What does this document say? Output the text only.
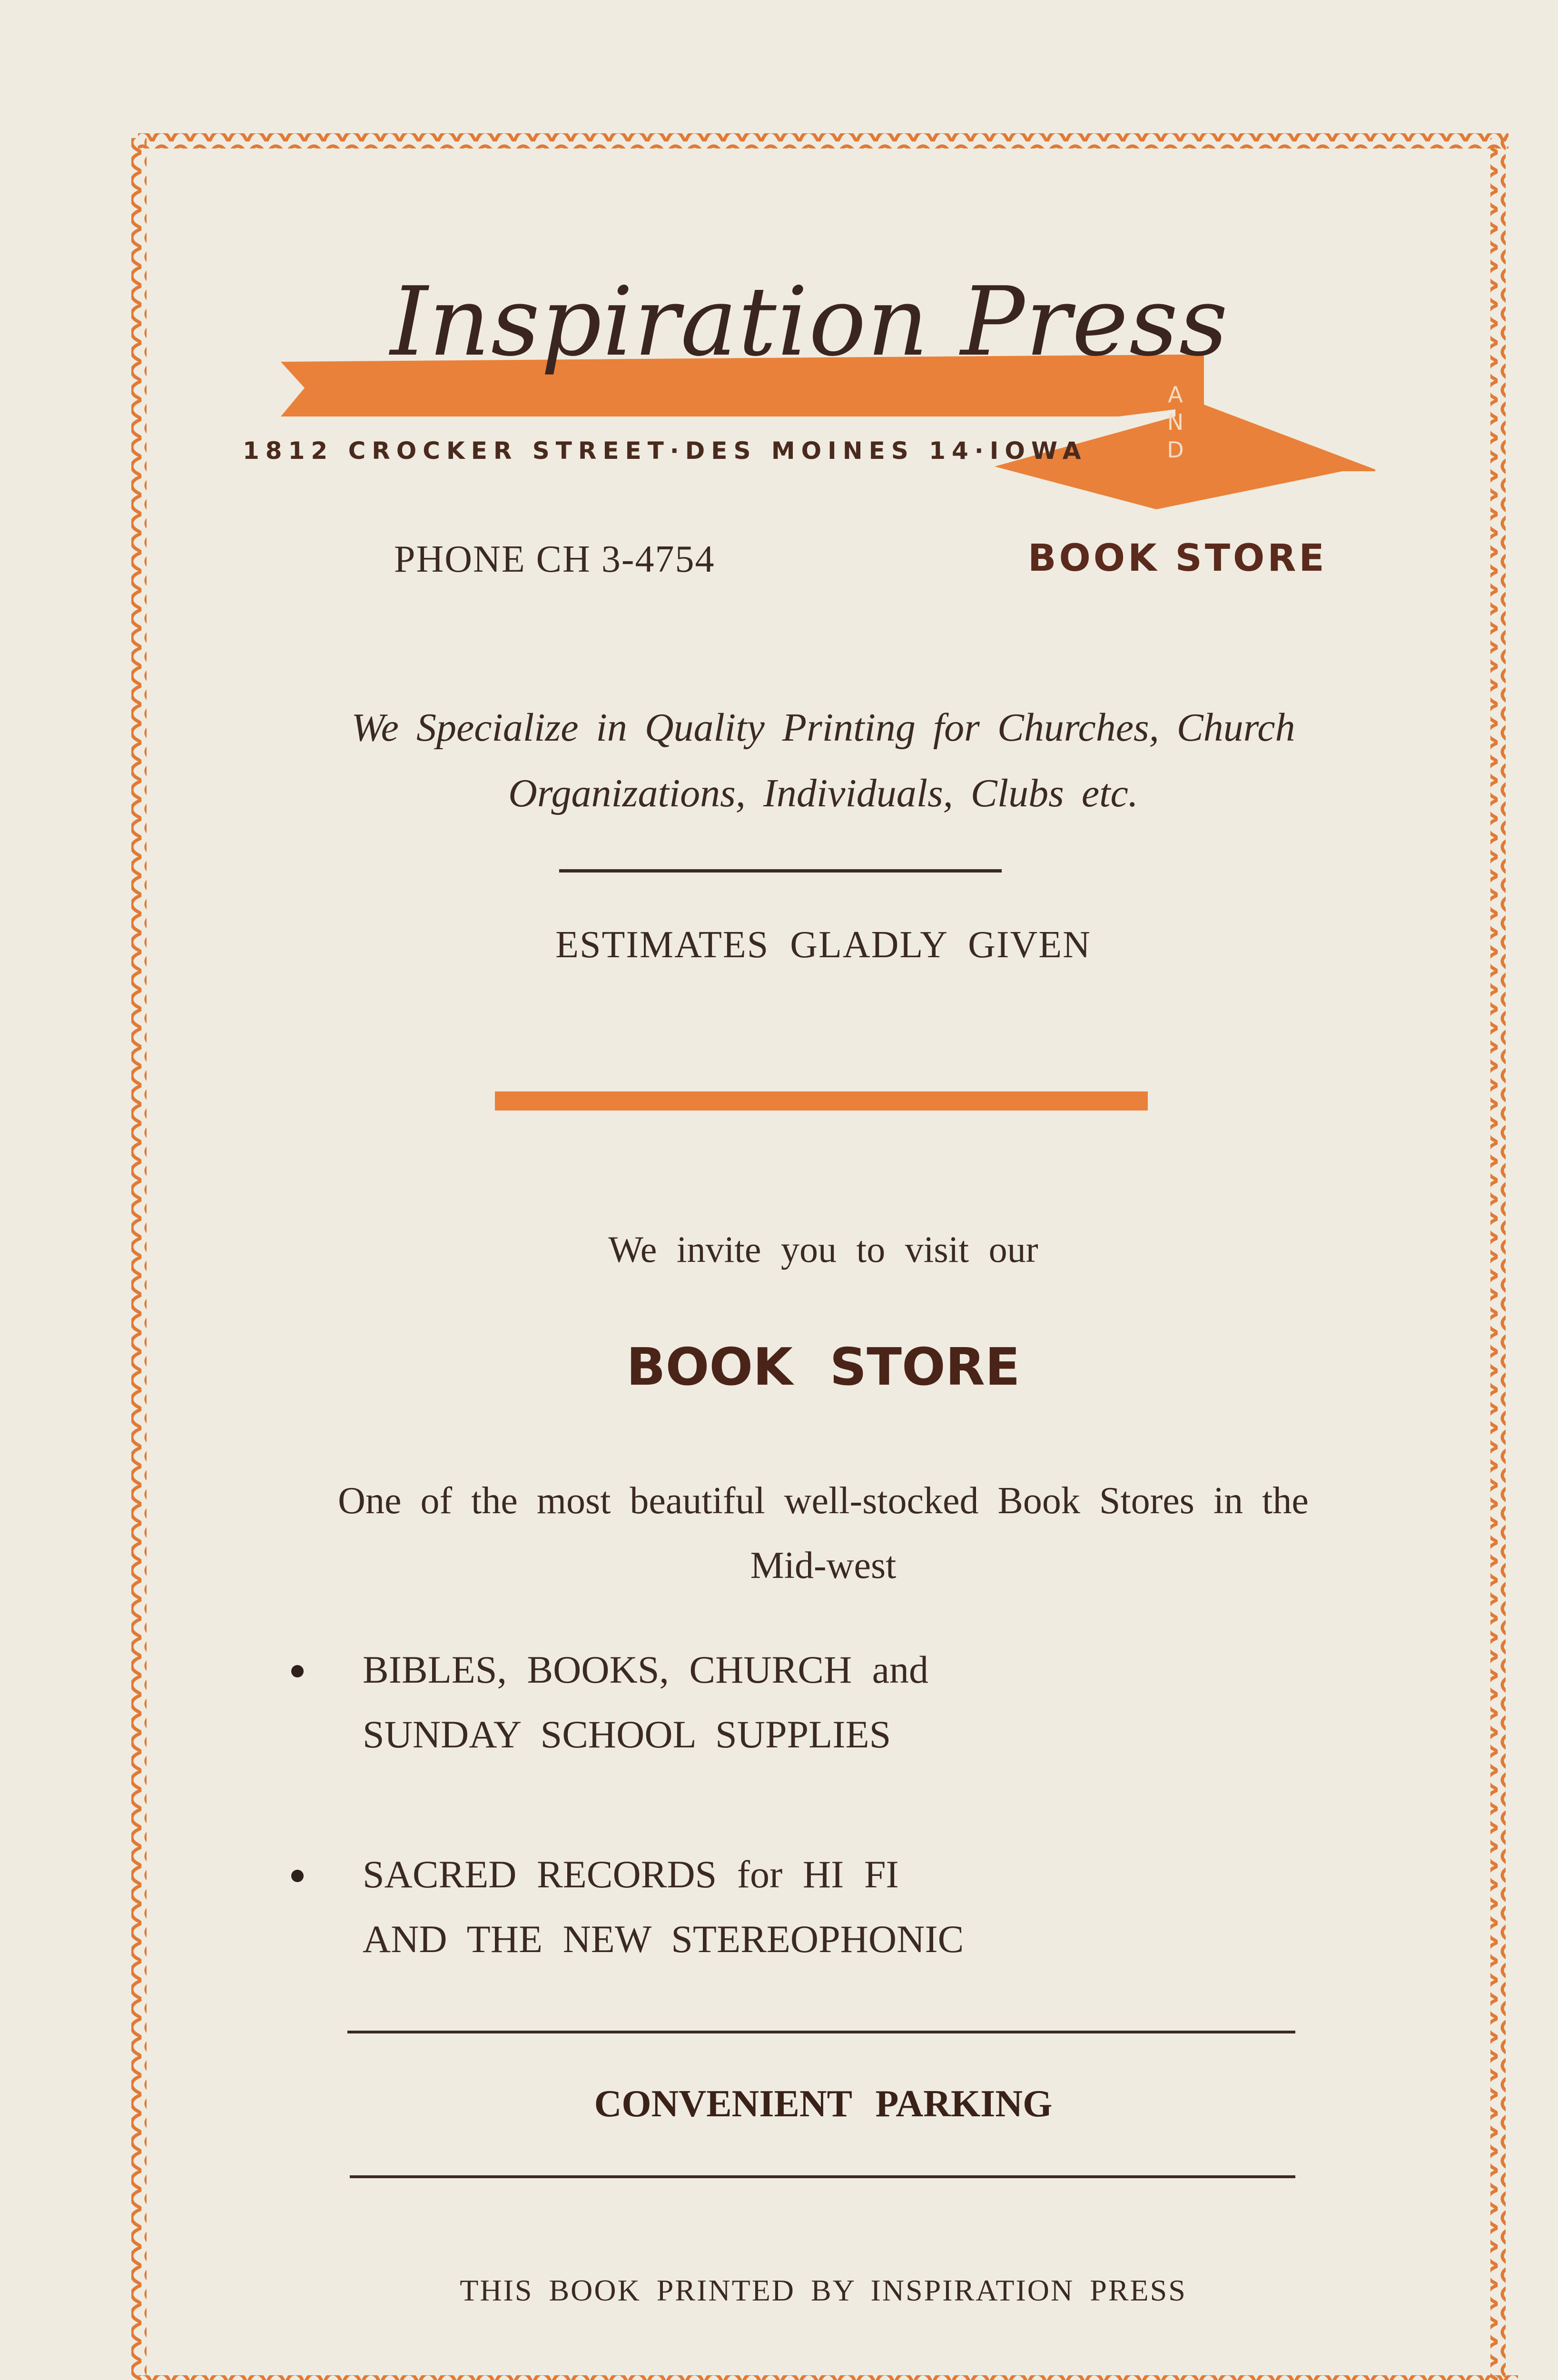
Inspiration Press
1812 CROCKER STREET·DES MOINES 14·IOWA
A
N
D
PHONE CH 3-4754	BOOK STORE
We Specialize in Quality Printing for Churches, Church
Organizations, Individuals, Clubs etc.
ESTIMATES GLADLY GIVEN
We invite you to visit our
BOOK STORE
One of the most beautiful well-stocked Book Stores in the
Mid-west
BIBLES, BOOKS, CHURCH and
SUNDAY SCHOOL SUPPLIES
SACRED RECORDS for HI FI
AND THE NEW STEREOPHONIC
CONVENIENT PARKING
THIS BOOK PRINTED BY INSPIRATION PRESS
